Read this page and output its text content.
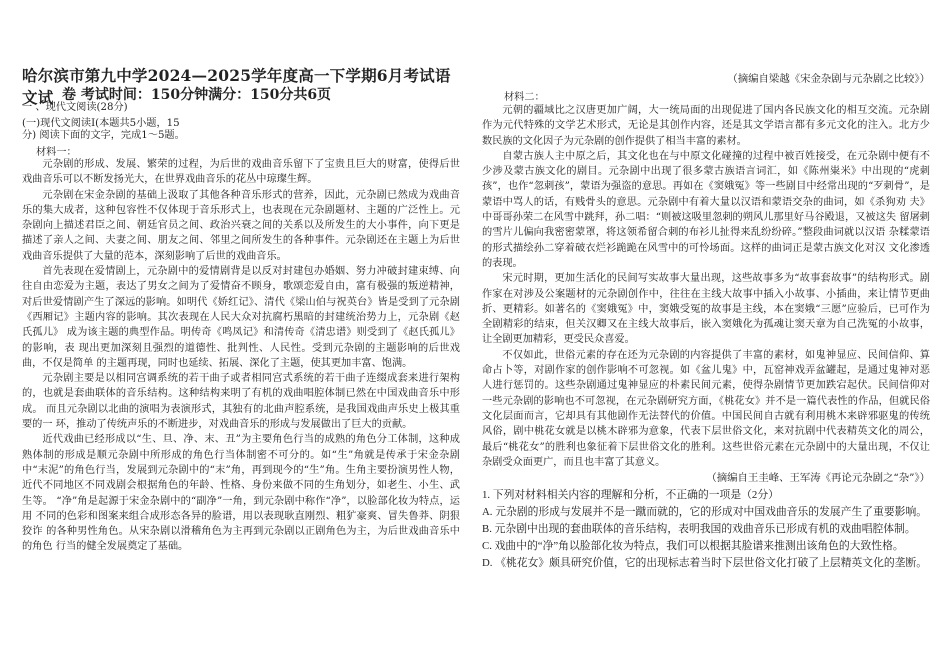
哈尔滨市第九中学2024—2025学年度高一下学期6月考试语文试 卷 考试时间：150分钟满分：150分共6页
一 、现代文阅读(28分)
(一)现代文阅读Ⅰ(本题共5小题，15
分) 阅读下面的文字，完成1～5题。
材料一：

元杂剧的形成、发展、繁荣的过程，为后世的戏曲音乐留下了宝贵且巨大的财富，使得后世戏曲音乐可以不断发扬光大，在世界戏曲音乐的花丛中琼璨生辉。

元杂剧在宋金杂剧的基础上汲取了其他各种音乐形式的营养，因此，元杂剧已然成为戏曲音乐的集大成者，这种包容性不仅体现于音乐形式上，也表现在元杂剧题材、主题的广泛性上。元杂剧向上描述君臣之间、朝廷官员之间、政治兴衰之间的关系以及所发生的大小事件，向下更是描述了亲人之间、夫妻之间、朋友之间、邻里之间所发生的各种事件。元杂剧还在主题上为后世戏曲音乐提供了大量的范本，深刻影响了后世的戏曲音乐。

首先表现在爱情剧上，元杂剧中的爱情剧背是以反对封建包办婚姻、努力冲破封建束缚、向往自由恋爱为主题，表达了男女之间为了爱情奋不顾身，歌颂恋爱自由，富有极强的叛逆精神，对后世爱情剧产生了深远的影响。如明代《娇红记》、清代《梁山伯与祝英台》皆是受到了元杂剧《西厢记》主题内容的影响。其次表现在人民大众对抗腐朽黑暗的封建统治势力上，元杂剧《赵氏孤儿》 成为该主题的典型作品。明传奇《鸣凤记》和清传奇《清忠谱》则受到了《赵氏孤儿》的影响，表 现出更加深刻且强烈的道德性、批判性、人民性。受到元杂剧的主题影响的后世戏曲，不仅是简单 的主题再现，同时也延续、拓展、深化了主题，使其更加丰富、饱满。

元杂剧主要是以相同宫调系统的若干曲子或者相同宫式系统的若干曲子连缀成套来进行架构的，也就是套曲联体的音乐结构。这种结构来明了有机的戏曲唱腔体制已然在中国戏曲音乐中形成。 而且元杂剧以北曲的演唱为表演形式，其独有的北曲声腔系统，是我国戏曲声乐史上极其重要的一 环，推动了传统声乐的不断进步，对戏曲音乐的形成与发展做出了巨大的贡献。

近代戏曲已经形成以“生、旦、净、末、丑”为主要角色行当的成熟的角色分工体制，这种成熟体制的形成是顺元杂剧中所形成的角色行当体制密不可分的。如“生”角就是传承于宋金杂剧中“末泥”的角色行当，发展到元杂剧中的“末”角，再到现今的“生”角。生角主要扮演男性人物，近代不同地区不同戏剧会根据角色的年龄、性格、身份来做不同的生角划分，如老生、小生、武生等。 “净”角是起源于宋金杂剧中的“副净”一角，到元杂剧中称作“净”，以脸部化妆为特点，运用 不同的色彩和图案来组合成形态各异的脸谱，用以表现耿直刚烈、粗犷豪爽、冒失鲁莽、阴狠狡诈 的各种男性角色。从宋杂剧以滑稽角色为主再到元杂剧以正剧角色为主，为后世戏曲音乐中的角色 行当的健全发展奠定了基础。

（摘编自梁越《宋金杂剧与元杂剧之比较》）
材料二：

元朝的疆域比之汉唐更加广阔，大一统局面的出现促进了国内各民族文化的相互交流。元杂剧作为元代特殊的文学艺术形式，无论是其创作内容，还是其文学语言都有多元文化的注入。北方少数民族的文化因子为元杂剧的创作提供了相当丰富的素材。

自蒙古族人主中原之后，其文化也在与中原文化碰撞的过程中被百姓接受，在元杂剧中便有不少涉及蒙古族文化的剧目。元杂剧中出现了很多蒙古族语言词汇，如《陈州粜米》中出现的“虎刺孩”，也作“忽刺孩”，蒙语为强盗的意思。再如在《窦娥冤》等一些剧目中经常出现的“歹刺骨”，是蒙语中骂人的话，有贱骨头的意思。元杂剧中有着大量以汉语和蒙语交杂的曲词，如《杀狗劝 夫》中哥哥孙荣二在风雪中跳拜，孙二唱：“则被这吸里忽刺的朔风儿那里好马谷殿退，又被这失 留屠剌的雪片儿偏向我密密蒙罩，将这领希留合刺的布衫儿扯得来乱纷纷碎。”整段曲词就以汉语 杂糅蒙语的形式描绘孙二穿着破衣烂衫跪跪在风雪中的可怜场面。这样的曲词正是蒙古族文化对汉 文化渗透的表现。

宋元时期，更加生活化的民间写实故事大量出现，这些故事多为“故事套故事”的结构形式。剧作家在对涉及公案题材的元杂剧创作中，往往在主线大故事中插入小故事、小插曲，来让情节更曲折、更精彩。如著名的《窦娥冤》中，窦娥受冤的故事是主线，本在窦娥“三愿”应验后，已可作为全剧精彩的结束，但关汉卿又在主线大故事后，嵌入窦娥化为孤魂让窦天章为自己洗冤的小故事，让全剧更加精彩，更受民众喜爱。

不仅如此，世俗元素的存在还为元杂剧的内容提供了丰富的素材，如鬼神显应、民间信仰、算命占卜等，对剧作家的创作影响不可忽视。如《盆儿鬼》中，瓦窑神戏弄盆罐起，是通过鬼神对恶人进行惩罚的。这些杂剧通过鬼神显应的朴素民间元素，使得杂剧情节更加跌宕起伏。民间信仰对一些元杂剧的影响也不可忽视，在元杂剧研究方面，《桃花女》并不是一篇代表性的作品，但就民俗文化层面而言，它却具有其他剧作无法替代的价值。中国民间自古就有利用桃木来辟邪驱鬼的传统风俗，剧中桃花女就是以桃木辟邪为意象，代表下层世俗文化，来对抗剧中代表精英文化的周公，最后“桃花女”的胜利也象征着下层世俗文化的胜利。这些世俗元素在元杂剧中的大量出现，不仅让杂剧受众面更广，而且也丰富了其意义。

（摘编自王圭峰、王军涛《再论元杂剧之“杂”》）
1. 下列对材料相关内容的理解和分析，不正确的一项是（2分）
A. 元杂剧的形成与发展并不是一蹴而就的，它的形成对中国戏曲音乐的发展产生了重要影响。
B. 元杂剧中出现的套曲联体的音乐结构，表明我国的戏曲音乐已形成有机的戏曲唱腔体制。
C. 戏曲中的“净”角以脸部化妆为特点，我们可以根据其脸谱来推测出该角色的大致性格。
D. 《桃花女》颇具研究价值，它的出现标志着当时下层世俗文化打破了上层精英文化的垄断。
